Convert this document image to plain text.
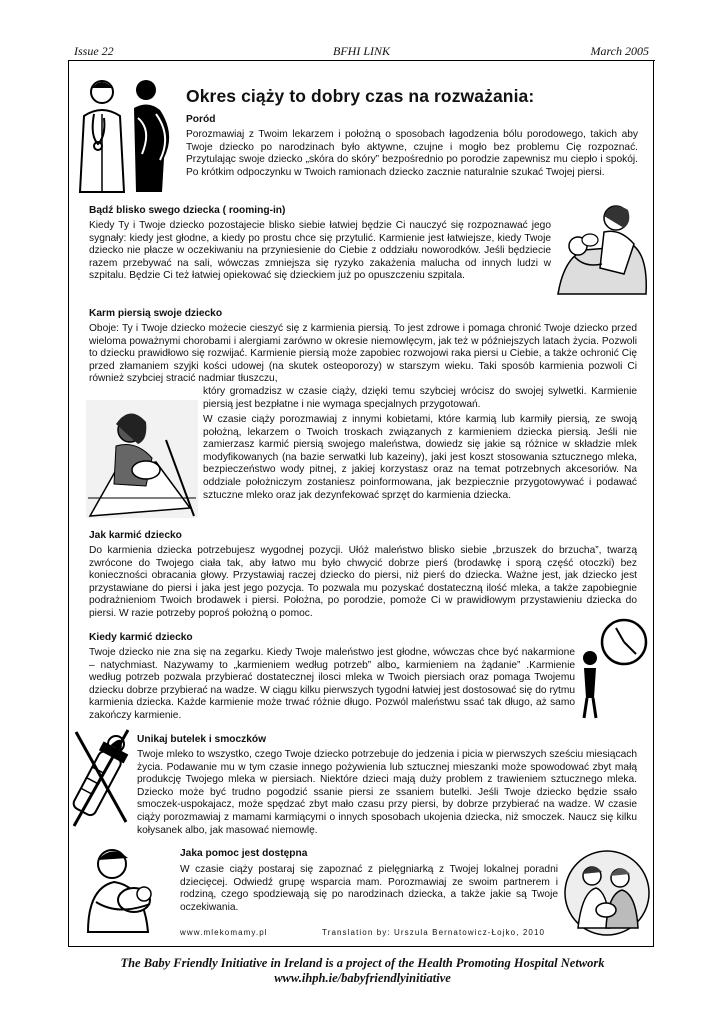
Issue 22	BFHI LINK	March 2005
Okres ciąży to dobry czas na rozważania:
Poród

Porozmawiaj z Twoim lekarzem i położną o sposobach łagodzenia bólu porodowego, takich aby Twoje dziecko po narodzinach było aktywne, czujne i mogło bez problemu Cię rozpoznać. Przytulając swoje dziecko „skóra do skóry” bezpośrednio po porodzie zapewnisz mu ciepło i spokój. Po krótkim odpoczynku w Twoich ramionach dziecko zacznie naturalnie szukać Twojej piersi.

Bądź blisko swego dziecka ( rooming-in)

Kiedy Ty i Twoje dziecko pozostajecie blisko siebie łatwiej będzie Ci nauczyć się rozpoznawać jego sygnały: kiedy jest głodne, a kiedy po prostu chce się przytulić. Karmienie jest łatwiejsze, kiedy Twoje dziecko nie płacze w oczekiwaniu na przyniesienie do Ciebie z oddziału noworodków. Jeśli będziecie razem przebywać na sali, wówczas zmniejsza się ryzyko zakażenia malucha od innych ludzi w szpitalu. Będzie Ci też łatwiej opiekować się dzieckiem już po opuszczeniu szpitala.

Karm piersią swoje dziecko

Oboje: Ty i Twoje dziecko możecie cieszyć się z karmienia piersią. To jest zdrowe i pomaga chronić Twoje dziecko przed wieloma poważnymi chorobami i alergiami zarówno w okresie niemowlęcym, jak też w późniejszych latach życia. Pozwoli to dziecku prawidłowo się rozwijać. Karmienie piersią może zapobiec rozwojowi raka piersi u Ciebie, a także ochronić Cię przed złamaniem szyjki kości udowej (na skutek osteoporozy) w starszym wieku. Taki sposób karmienia pozwoli Ci również szybciej stracić nadmiar tłuszczu,

który gromadzisz w czasie ciąży, dzięki temu szybciej wrócisz do swojej sylwetki. Karmienie piersią jest bezpłatne i nie wymaga specjalnych przygotowań.

W czasie ciąży porozmawiaj z innymi kobietami, które karmią lub karmiły piersią, ze swoją położną, lekarzem o Twoich troskach związanych z karmieniem dziecka piersią. Jeśli nie zamierzasz karmić piersią swojego maleństwa, dowiedz się jakie są różnice w składzie mlek modyfikowanych (na bazie serwatki lub kazeiny), jaki jest koszt stosowania sztucznego mleka, bezpieczeństwo wody pitnej, z jakiej korzystasz oraz na temat potrzebnych akcesoriów. Na oddziale położniczym zostaniesz poinformowana, jak bezpiecznie przygotowywać i podawać sztuczne mleko oraz jak dezynfekować sprzęt do karmienia dziecka.

Jak karmić dziecko

Do karmienia dziecka potrzebujesz wygodnej pozycji. Ułóż maleństwo blisko siebie „brzuszek do brzucha”, twarzą zwrócone do Twojego ciała tak, aby łatwo mu było chwycić dobrze pierś (brodawkę i sporą część otoczki) bez konieczności obracania głowy. Przystawiaj raczej dziecko do piersi, niż pierś do dziecka. Ważne jest, jak dziecko jest przystawiane do piersi i jaka jest jego pozycja. To pozwala mu pozyskać dostateczną ilość mleka, a także zapobiegnie podrażnieniom Twoich brodawek i piersi. Położna, po porodzie, pomoże Ci w prawidłowym przystawieniu dziecka do piersi. W razie potrzeby poproś położną o pomoc.

Kiedy karmić dziecko

Twoje dziecko nie zna się na zegarku. Kiedy Twoje maleństwo jest głodne, wówczas chce być nakarmione – natychmiast. Nazywamy to „karmieniem według potrzeb” albo„ karmieniem na żądanie” .Karmienie według potrzeb pozwala przybierać dostatecznej ilosci mleka w Twoich piersiach oraz pomaga Twojemu dziecku dobrze przybierać na wadze. W ciągu kilku pierwszych tygodni łatwiej jest dostosować się do rytmu karmienia dziecka. Każde karmienie może trwać różnie długo. Pozwól maleństwu ssać tak długo, aż samo zakończy karmienie.

Unikaj butelek i smoczków

Twoje mleko to wszystko, czego Twoje dziecko potrzebuje do jedzenia i picia w pierwszych sześciu miesiącach życia. Podawanie mu w tym czasie innego pożywienia lub sztucznej mieszanki może spowodować zbyt małą produkcję Twojego mleka w piersiach. Niektóre dzieci mają duży problem z trawieniem sztucznego mleka. Dziecko może być trudno pogodzić ssanie piersi ze ssaniem butelki. Jeśli Twoje dziecko będzie ssało smoczek-uspokajacz, może spędzać zbyt mało czasu przy piersi, by dobrze przybierać na wadze. W czasie ciąży porozmawiaj z mamami karmiącymi o innych sposobach ukojenia dziecka, niż smoczek. Naucz się kilku kołysanek albo, jak masować niemowlę.

Jaka pomoc jest dostępna

W czasie ciąży postaraj się zapoznać z pielęgniarką z Twojej lokalnej poradni dziecięcej. Odwiedź grupę wsparcia mam. Porozmawiaj ze swoim partnerem i rodziną, czego spodziewają się po narodzinach dziecka, a także jakie są Twoje oczekiwania.

www.mlekomamy.pl	Translation by: Urszula Bernatowicz-Łojko, 2010
The Baby Friendly Initiative in Ireland is a project of the Health Promoting Hospital Network
www.ihph.ie/babyfriendlyinitiative
